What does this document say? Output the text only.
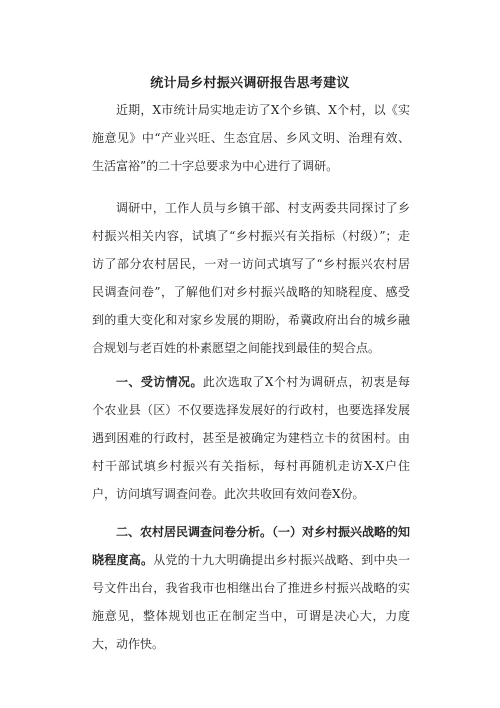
统计局乡村振兴调研报告思考建议

近期，X市统计局实地走访了X个乡镇、X个村，以《实施意见》中“产业兴旺、生态宜居、乡风文明、治理有效、生活富裕”的二十字总要求为中心进行了调研。

调研中，工作人员与乡镇干部、村支两委共同探讨了乡村振兴相关内容，试填了“乡村振兴有关指标（村级）”；走访了部分农村居民，一对一访问式填写了“乡村振兴农村居民调查问卷”，了解他们对乡村振兴战略的知晓程度、感受到的重大变化和对家乡发展的期盼，希冀政府出台的城乡融合规划与老百姓的朴素愿望之间能找到最佳的契合点。

一、受访情况。此次选取了X个村为调研点，初衷是每个农业县（区）不仅要选择发展好的行政村，也要选择发展遇到困难的行政村，甚至是被确定为建档立卡的贫困村。由村干部试填乡村振兴有关指标，每村再随机走访X-X户住户，访问填写调查问卷。此次共收回有效问卷X份。

二、农村居民调查问卷分析。（一）对乡村振兴战略的知晓程度高。从党的十九大明确提出乡村振兴战略、到中央一号文件出台，我省我市也相继出台了推进乡村振兴战略的实施意见，整体规划也正在制定当中，可谓是决心大，力度大，动作快。
